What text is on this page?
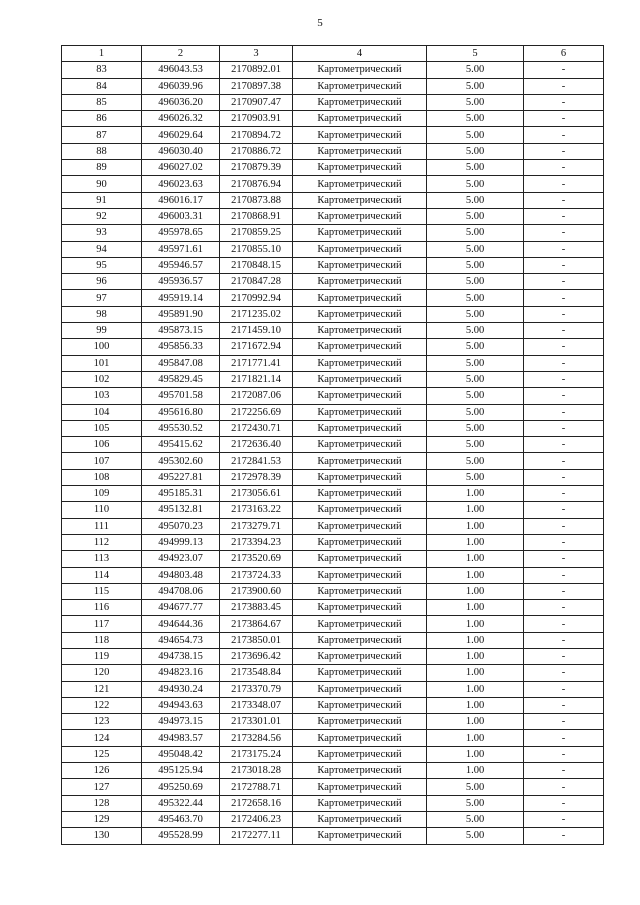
5
1	2	3	4	5	6
83	496043.53	2170892.01	Картометрический	5.00	-
84	496039.96	2170897.38	Картометрический	5.00	-
85	496036.20	2170907.47	Картометрический	5.00	-
86	496026.32	2170903.91	Картометрический	5.00	-
87	496029.64	2170894.72	Картометрический	5.00	-
88	496030.40	2170886.72	Картометрический	5.00	-
89	496027.02	2170879.39	Картометрический	5.00	-
90	496023.63	2170876.94	Картометрический	5.00	-
91	496016.17	2170873.88	Картометрический	5.00	-
92	496003.31	2170868.91	Картометрический	5.00	-
93	495978.65	2170859.25	Картометрический	5.00	-
94	495971.61	2170855.10	Картометрический	5.00	-
95	495946.57	2170848.15	Картометрический	5.00	-
96	495936.57	2170847.28	Картометрический	5.00	-
97	495919.14	2170992.94	Картометрический	5.00	-
98	495891.90	2171235.02	Картометрический	5.00	-
99	495873.15	2171459.10	Картометрический	5.00	-
100	495856.33	2171672.94	Картометрический	5.00	-
101	495847.08	2171771.41	Картометрический	5.00	-
102	495829.45	2171821.14	Картометрический	5.00	-
103	495701.58	2172087.06	Картометрический	5.00	-
104	495616.80	2172256.69	Картометрический	5.00	-
105	495530.52	2172430.71	Картометрический	5.00	-
106	495415.62	2172636.40	Картометрический	5.00	-
107	495302.60	2172841.53	Картометрический	5.00	-
108	495227.81	2172978.39	Картометрический	5.00	-
109	495185.31	2173056.61	Картометрический	1.00	-
110	495132.81	2173163.22	Картометрический	1.00	-
111	495070.23	2173279.71	Картометрический	1.00	-
112	494999.13	2173394.23	Картометрический	1.00	-
113	494923.07	2173520.69	Картометрический	1.00	-
114	494803.48	2173724.33	Картометрический	1.00	-
115	494708.06	2173900.60	Картометрический	1.00	-
116	494677.77	2173883.45	Картометрический	1.00	-
117	494644.36	2173864.67	Картометрический	1.00	-
118	494654.73	2173850.01	Картометрический	1.00	-
119	494738.15	2173696.42	Картометрический	1.00	-
120	494823.16	2173548.84	Картометрический	1.00	-
121	494930.24	2173370.79	Картометрический	1.00	-
122	494943.63	2173348.07	Картометрический	1.00	-
123	494973.15	2173301.01	Картометрический	1.00	-
124	494983.57	2173284.56	Картометрический	1.00	-
125	495048.42	2173175.24	Картометрический	1.00	-
126	495125.94	2173018.28	Картометрический	1.00	-
127	495250.69	2172788.71	Картометрический	5.00	-
128	495322.44	2172658.16	Картометрический	5.00	-
129	495463.70	2172406.23	Картометрический	5.00	-
130	495528.99	2172277.11	Картометрический	5.00	-
